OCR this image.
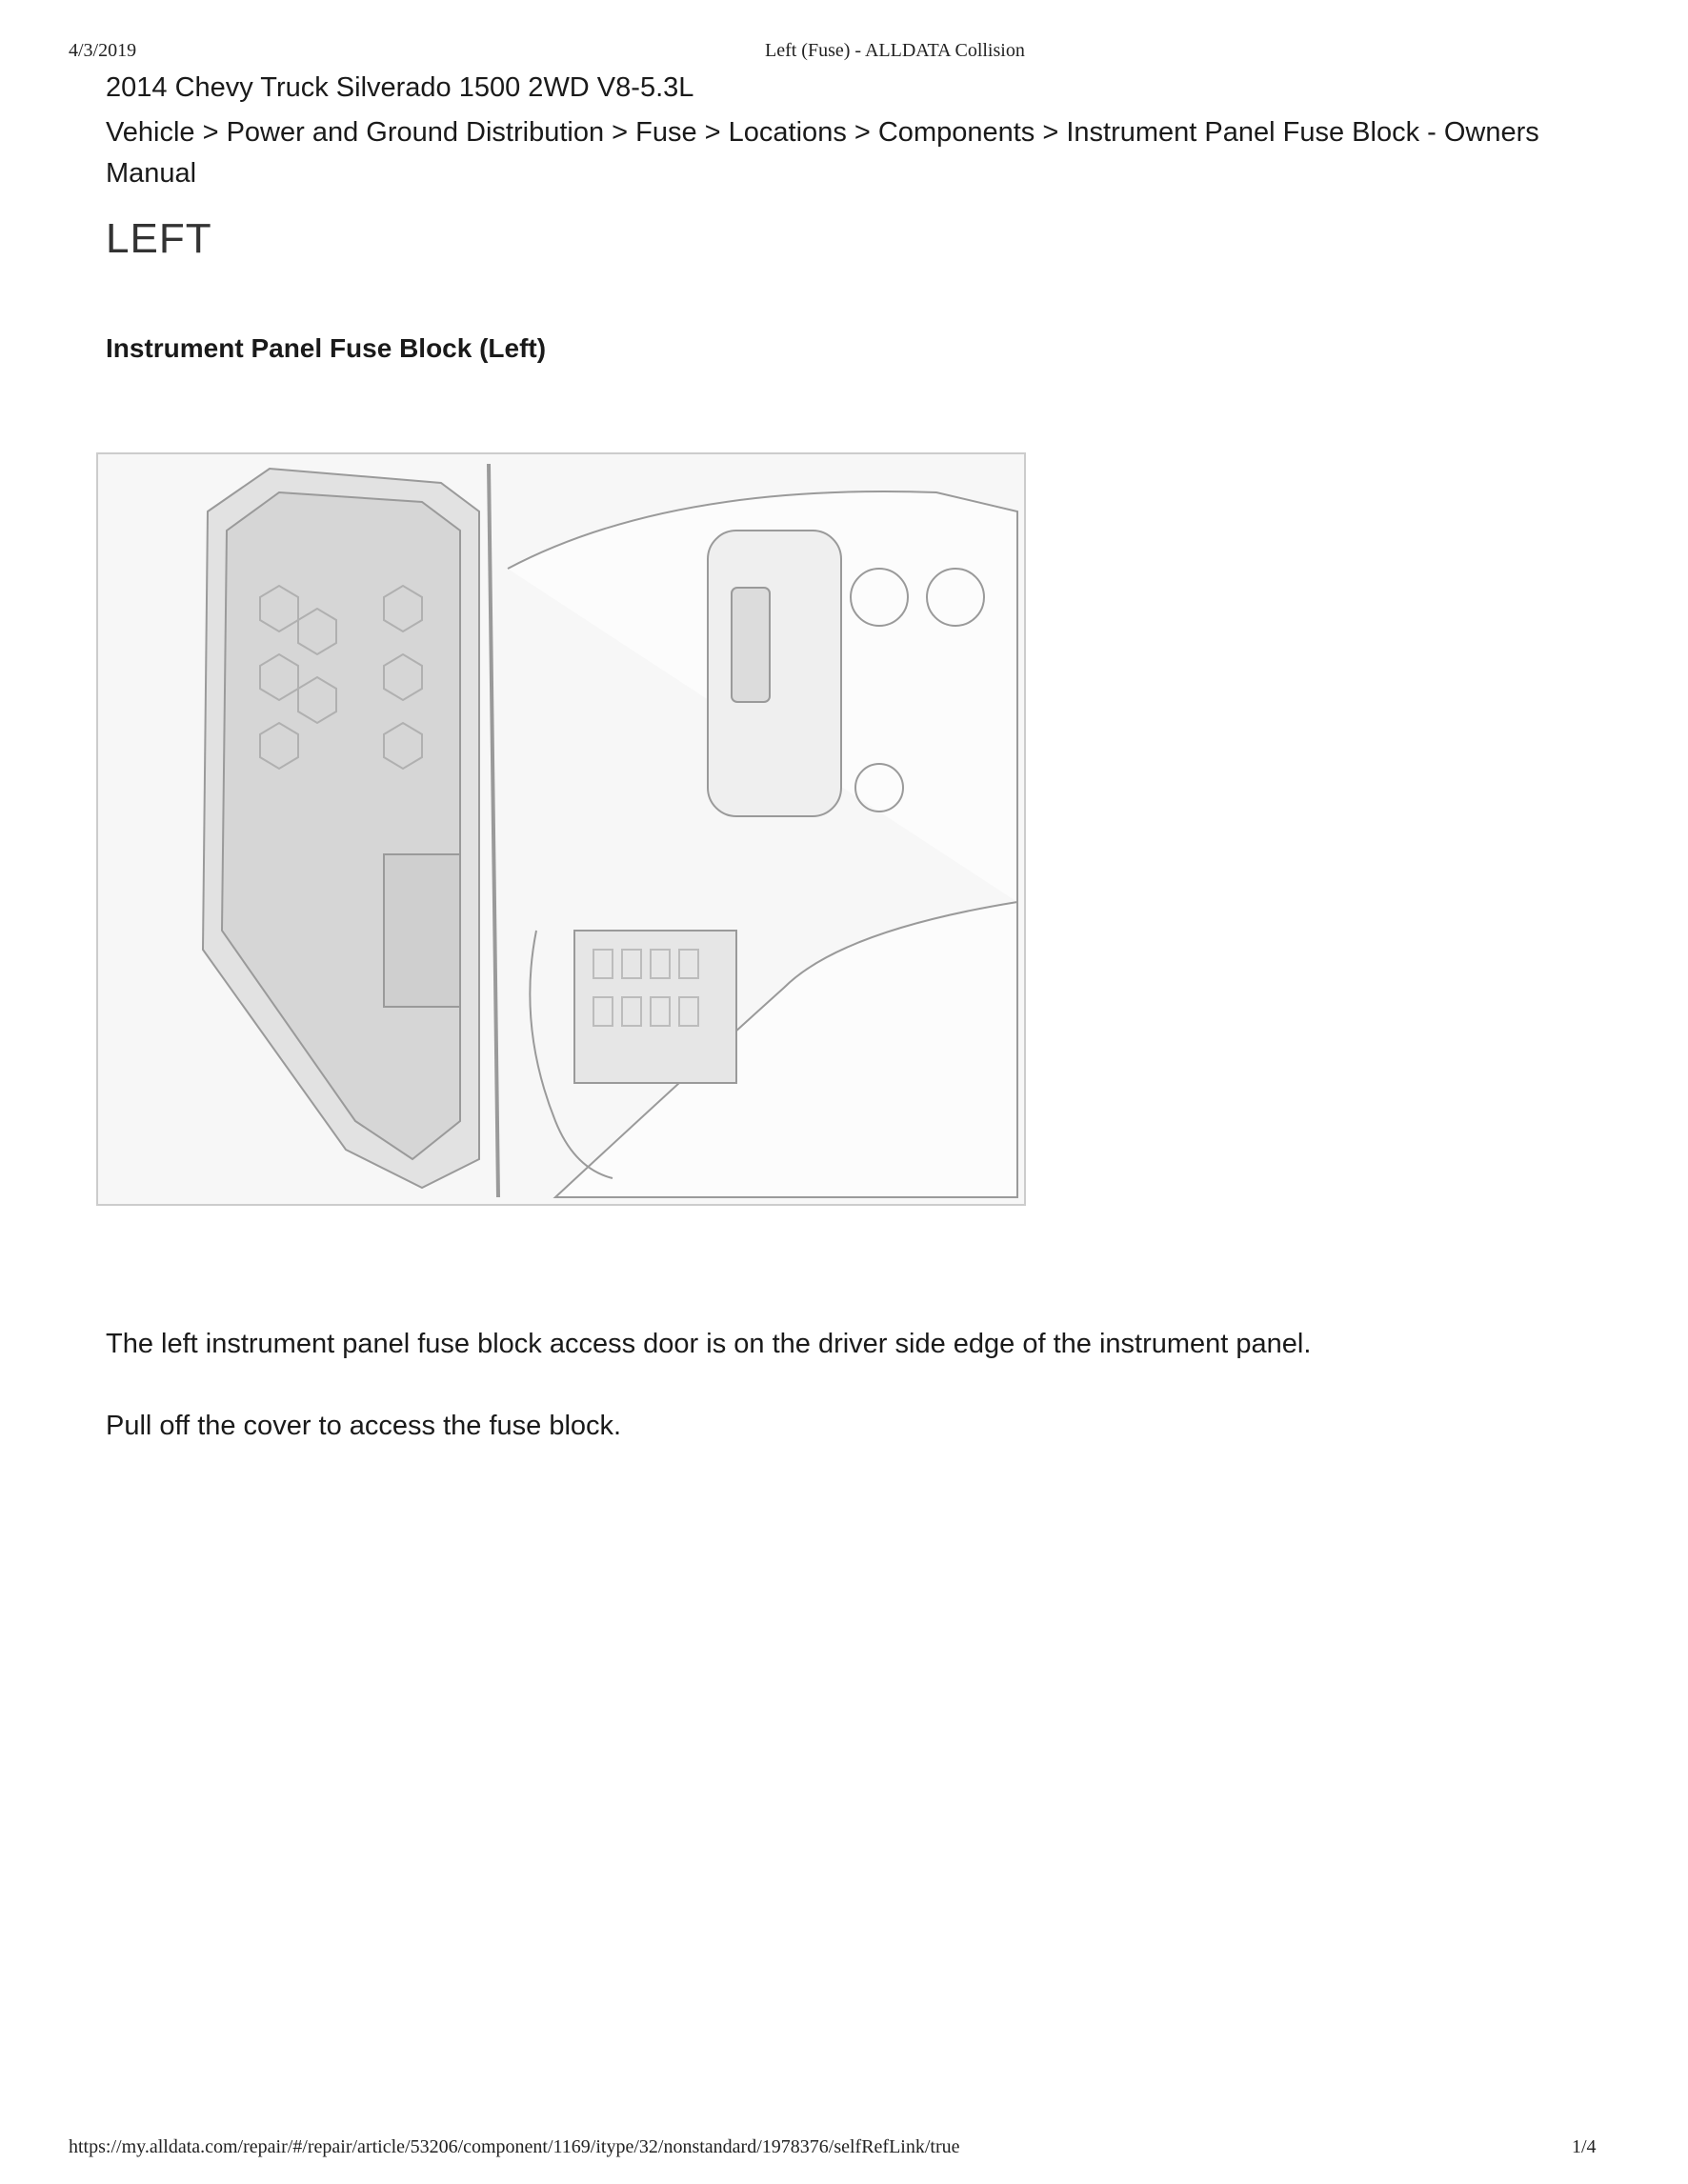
4/3/2019	Left (Fuse) - ALLDATA Collision
2014 Chevy Truck Silverado 1500 2WD V8-5.3L
Vehicle > Power and Ground Distribution > Fuse > Locations > Components > Instrument Panel Fuse Block - Owners Manual
LEFT
Instrument Panel Fuse Block (Left)
The left instrument panel fuse block access door is on the driver side edge of the instrument panel.
Pull off the cover to access the fuse block.
https://my.alldata.com/repair/#/repair/article/53206/component/1169/itype/32/nonstandard/1978376/selfRefLink/true	1/4
